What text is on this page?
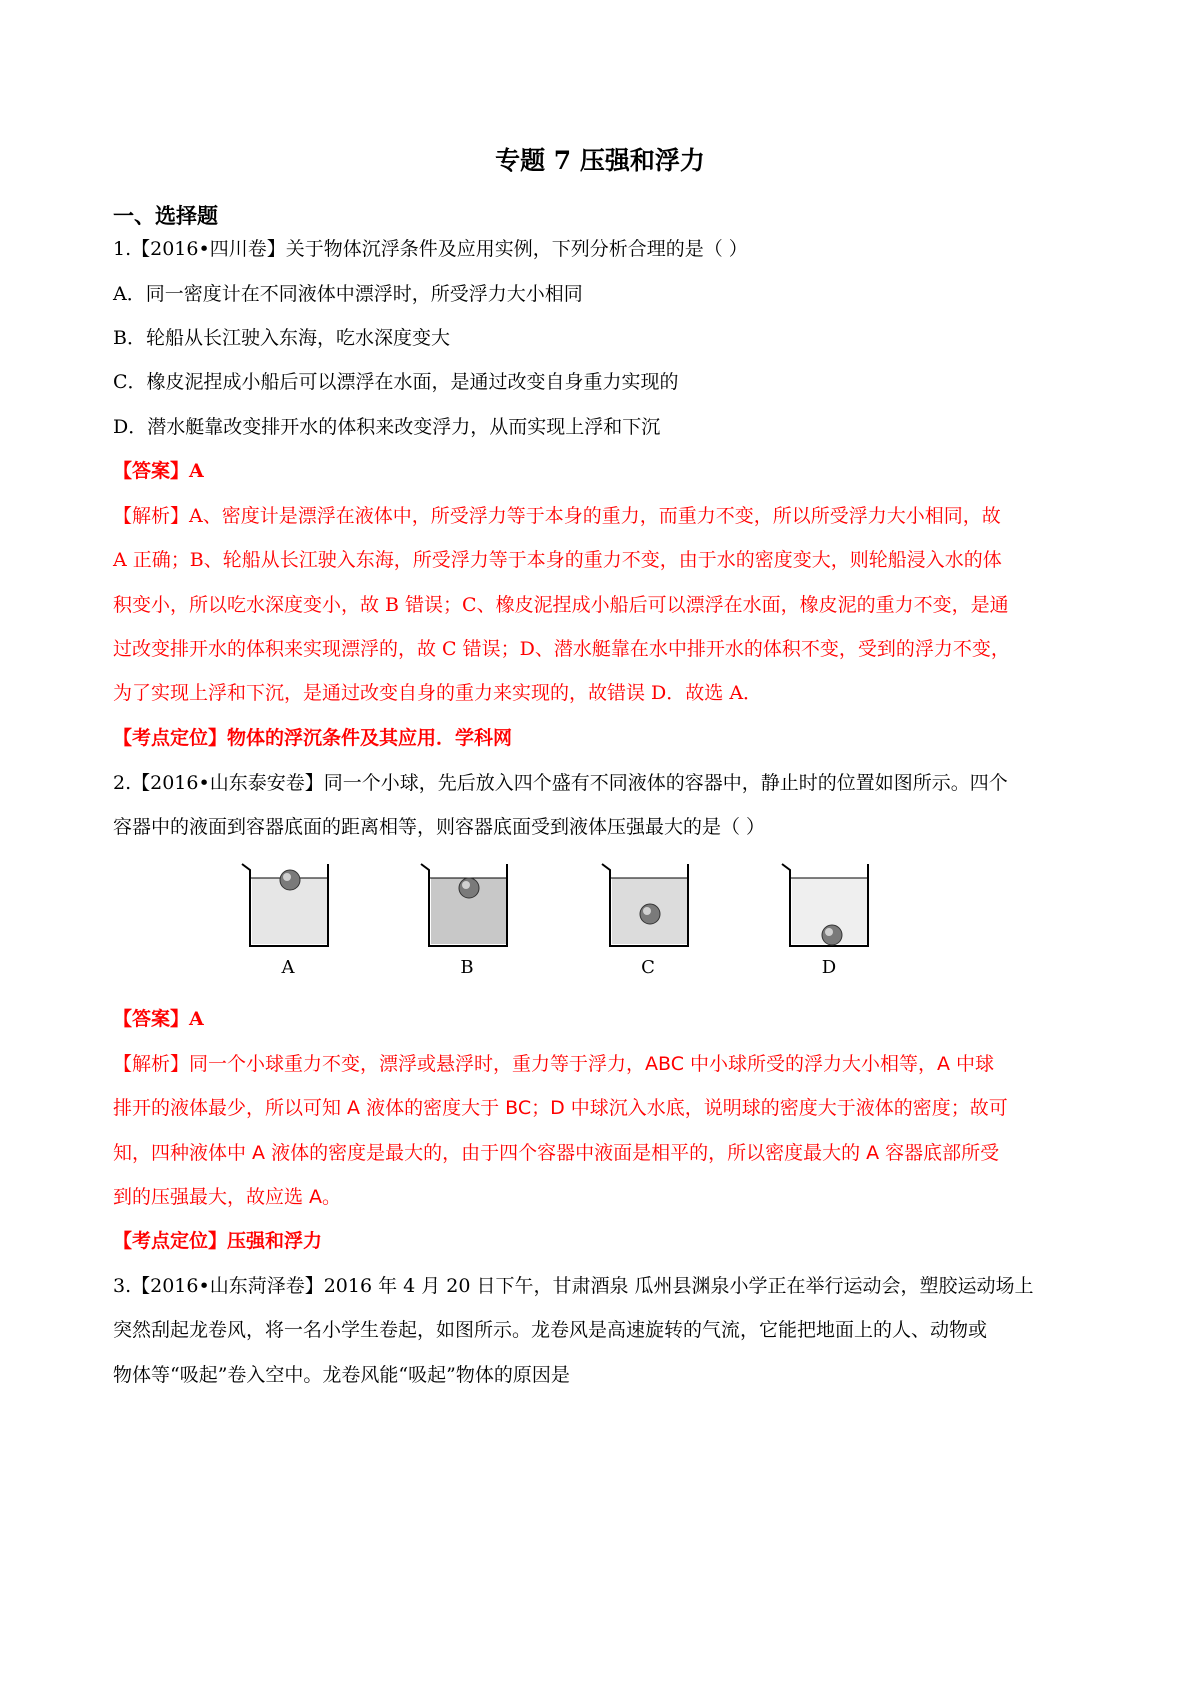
专题 7 压强和浮力
一、选择题
1.【2016•四川卷】关于物体沉浮条件及应用实例，下列分析合理的是（ ）
A．同一密度计在不同液体中漂浮时，所受浮力大小相同
B．轮船从长江驶入东海，吃水深度变大
C．橡皮泥捏成小船后可以漂浮在水面，是通过改变自身重力实现的
D．潜水艇靠改变排开水的体积来改变浮力，从而实现上浮和下沉
【答案】A
【解析】A、密度计是漂浮在液体中，所受浮力等于本身的重力，而重力不变，所以所受浮力大小相同，故
A 正确；B、轮船从长江驶入东海，所受浮力等于本身的重力不变，由于水的密度变大，则轮船浸入水的体
积变小，所以吃水深度变小，故 B 错误；C、橡皮泥捏成小船后可以漂浮在水面，橡皮泥的重力不变，是通
过改变排开水的体积来实现漂浮的，故 C 错误；D、潜水艇靠在水中排开水的体积不变，受到的浮力不变，
为了实现上浮和下沉，是通过改变自身的重力来实现的，故错误 D．故选 A．
【考点定位】物体的浮沉条件及其应用．学科网
2.【2016•山东泰安卷】同一个小球，先后放入四个盛有不同液体的容器中，静止时的位置如图所示。四个
容器中的液面到容器底面的距离相等，则容器底面受到液体压强最大的是（ ）
A	B	C	D
【答案】A
【解析】同一个小球重力不变，漂浮或悬浮时，重力等于浮力，ABC 中小球所受的浮力大小相等，A 中球
排开的液体最少，所以可知 A 液体的密度大于 BC；D 中球沉入水底，说明球的密度大于液体的密度；故可
知，四种液体中 A 液体的密度是最大的，由于四个容器中液面是相平的，所以密度最大的 A 容器底部所受
到的压强最大，故应选 A。
【考点定位】压强和浮力
3.【2016•山东菏泽卷】2016 年 4 月 20 日下午，甘肃酒泉 瓜州县渊泉小学正在举行运动会，塑胶运动场上
突然刮起龙卷风，将一名小学生卷起，如图所示。龙卷风是高速旋转的气流，它能把地面上的人、动物或
物体等“吸起”卷入空中。龙卷风能“吸起”物体的原因是
